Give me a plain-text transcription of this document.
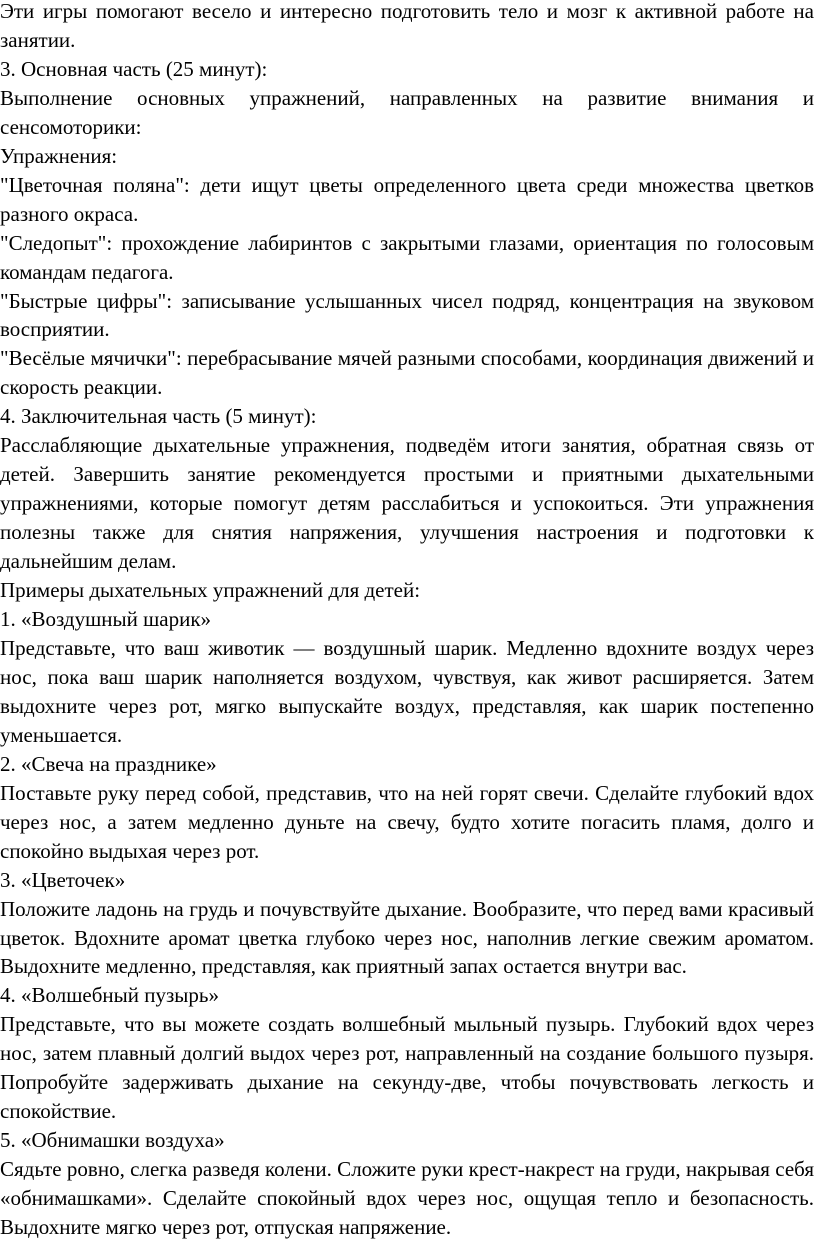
Эти игры помогают весело и интересно подготовить тело и мозг к активной работе на занятии.

3. Основная часть (25 минут):

Выполнение основных упражнений, направленных на развитие внимания и сенсомоторики:

Упражнения:

"Цветочная поляна": дети ищут цветы определенного цвета среди множества цветков разного окраса.

"Следопыт": прохождение лабиринтов с закрытыми глазами, ориентация по голосовым командам педагога.

"Быстрые цифры": записывание услышанных чисел подряд, концентрация на звуковом восприятии.

"Весёлые мячички": перебрасывание мячей разными способами, координация движений и скорость реакции.

4. Заключительная часть (5 минут):

Расслабляющие дыхательные упражнения, подведём итоги занятия, обратная связь от детей. Завершить занятие рекомендуется простыми и приятными дыхательными упражнениями, которые помогут детям расслабиться и успокоиться. Эти упражнения полезны также для снятия напряжения, улучшения настроения и подготовки к дальнейшим делам.

Примеры дыхательных упражнений для детей:

1. «Воздушный шарик»

Представьте, что ваш животик — воздушный шарик. Медленно вдохните воздух через нос, пока ваш шарик наполняется воздухом, чувствуя, как живот расширяется. Затем выдохните через рот, мягко выпускайте воздух, представляя, как шарик постепенно уменьшается.

2. «Свеча на празднике»

Поставьте руку перед собой, представив, что на ней горят свечи. Сделайте глубокий вдох через нос, а затем медленно дуньте на свечу, будто хотите погасить пламя, долго и спокойно выдыхая через рот.

3. «Цветочек»

Положите ладонь на грудь и почувствуйте дыхание. Вообразите, что перед вами красивый цветок. Вдохните аромат цветка глубоко через нос, наполнив легкие свежим ароматом. Выдохните медленно, представляя, как приятный запах остается внутри вас.

4. «Волшебный пузырь»

Представьте, что вы можете создать волшебный мыльный пузырь. Глубокий вдох через нос, затем плавный долгий выдох через рот, направленный на создание большого пузыря. Попробуйте задерживать дыхание на секунду-две, чтобы почувствовать легкость и спокойствие.

5. «Обнимашки воздуха»

Сядьте ровно, слегка разведя колени. Сложите руки крест-накрест на груди, накрывая себя «обнимашками». Сделайте спокойный вдох через нос, ощущая тепло и безопасность. Выдохните мягко через рот, отпуская напряжение.
